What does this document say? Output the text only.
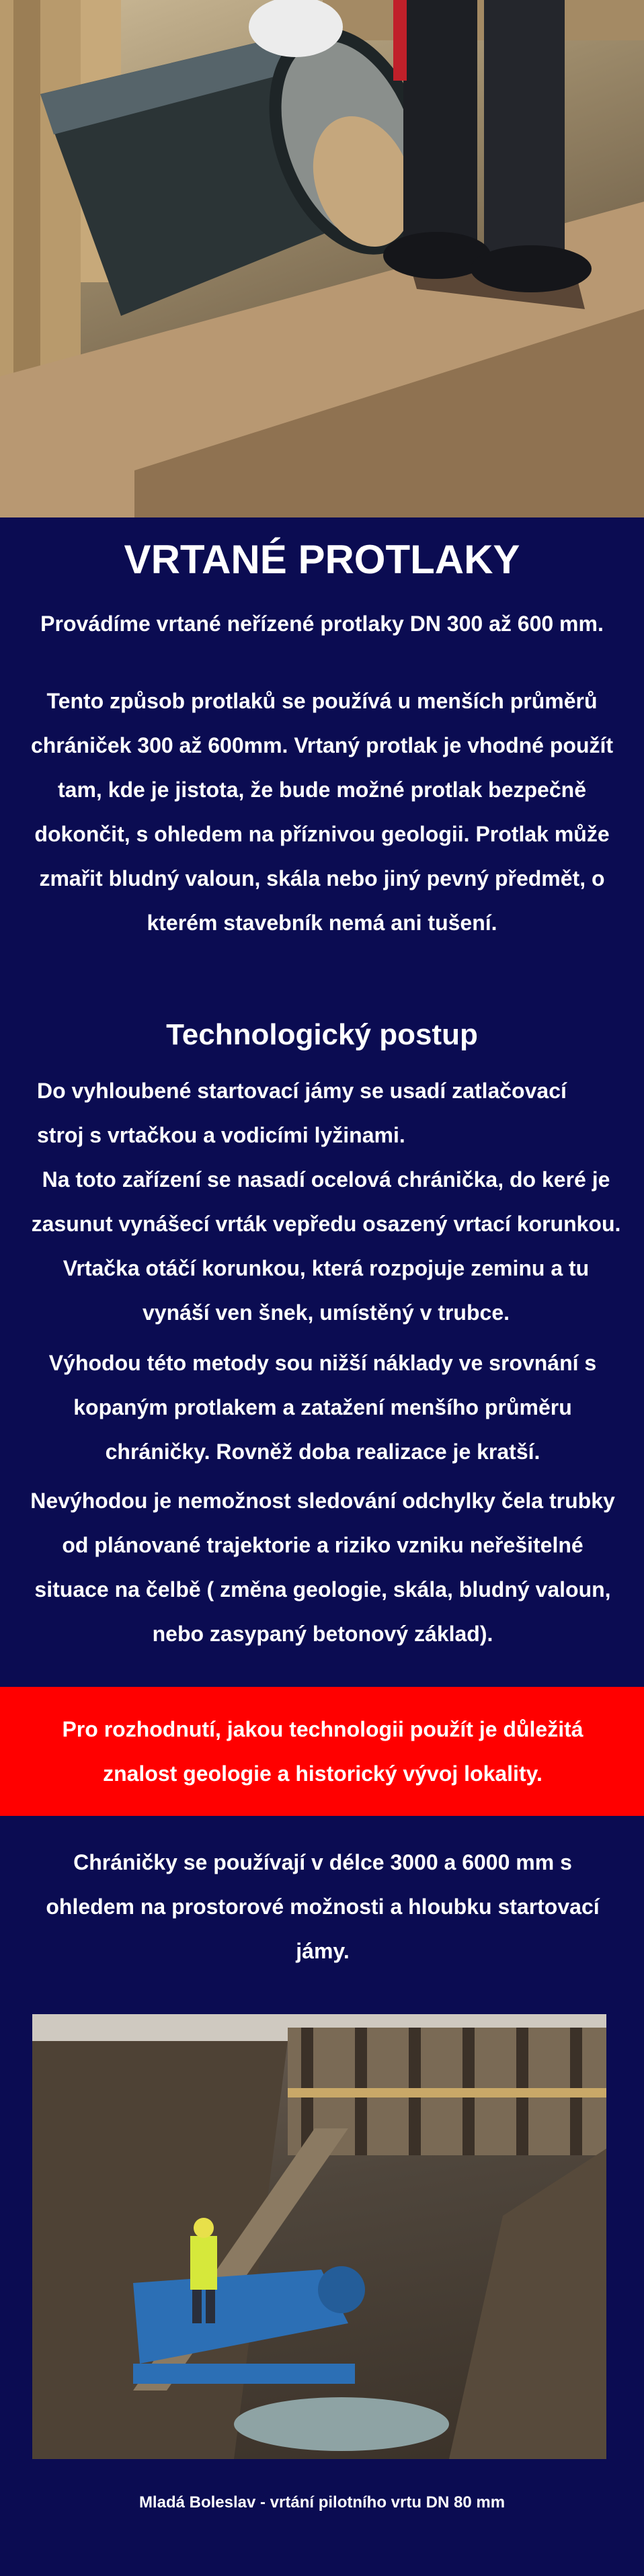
VRTANÉ PROTLAKY
Provádíme vrtané neřízené protlaky DN 300 až 600 mm.
Tento způsob protlaků se používá u menších průměrů chrániček 300 až 600mm. Vrtaný protlak je vhodné použít tam, kde je jistota, že bude možné protlak bezpečně dokončit, s ohledem na příznivou geologii. Protlak může zmařit bludný valoun, skála nebo jiný pevný předmět, o kterém stavebník nemá ani tušení.
Technologický postup
Do vyhloubené startovací jámy se usadí zatlačovací stroj s vrtačkou a vodicími lyžinami.
Na toto zařízení se nasadí ocelová chránička, do keré je zasunut vynášecí vrták vepředu osazený vrtací korunkou. Vrtačka otáčí korunkou, která rozpojuje zeminu a tu vynáší ven šnek, umístěný v trubce.
Výhodou této metody sou nižší náklady ve srovnání s kopaným protlakem a zatažení menšího průměru chráničky. Rovněž doba realizace je kratší.
Nevýhodou je nemožnost sledování odchylky čela trubky od plánované trajektorie a riziko vzniku neřešitelné situace na čelbě ( změna geologie, skála, bludný valoun, nebo zasypaný betonový základ).
Pro rozhodnutí, jakou technologii použít je důležitá znalost geologie a historický vývoj lokality.
Chráničky se používají v délce 3000 a 6000 mm s ohledem na prostorové možnosti a hloubku startovací jámy.
Mladá Boleslav - vrtání pilotního vrtu DN 80 mm
